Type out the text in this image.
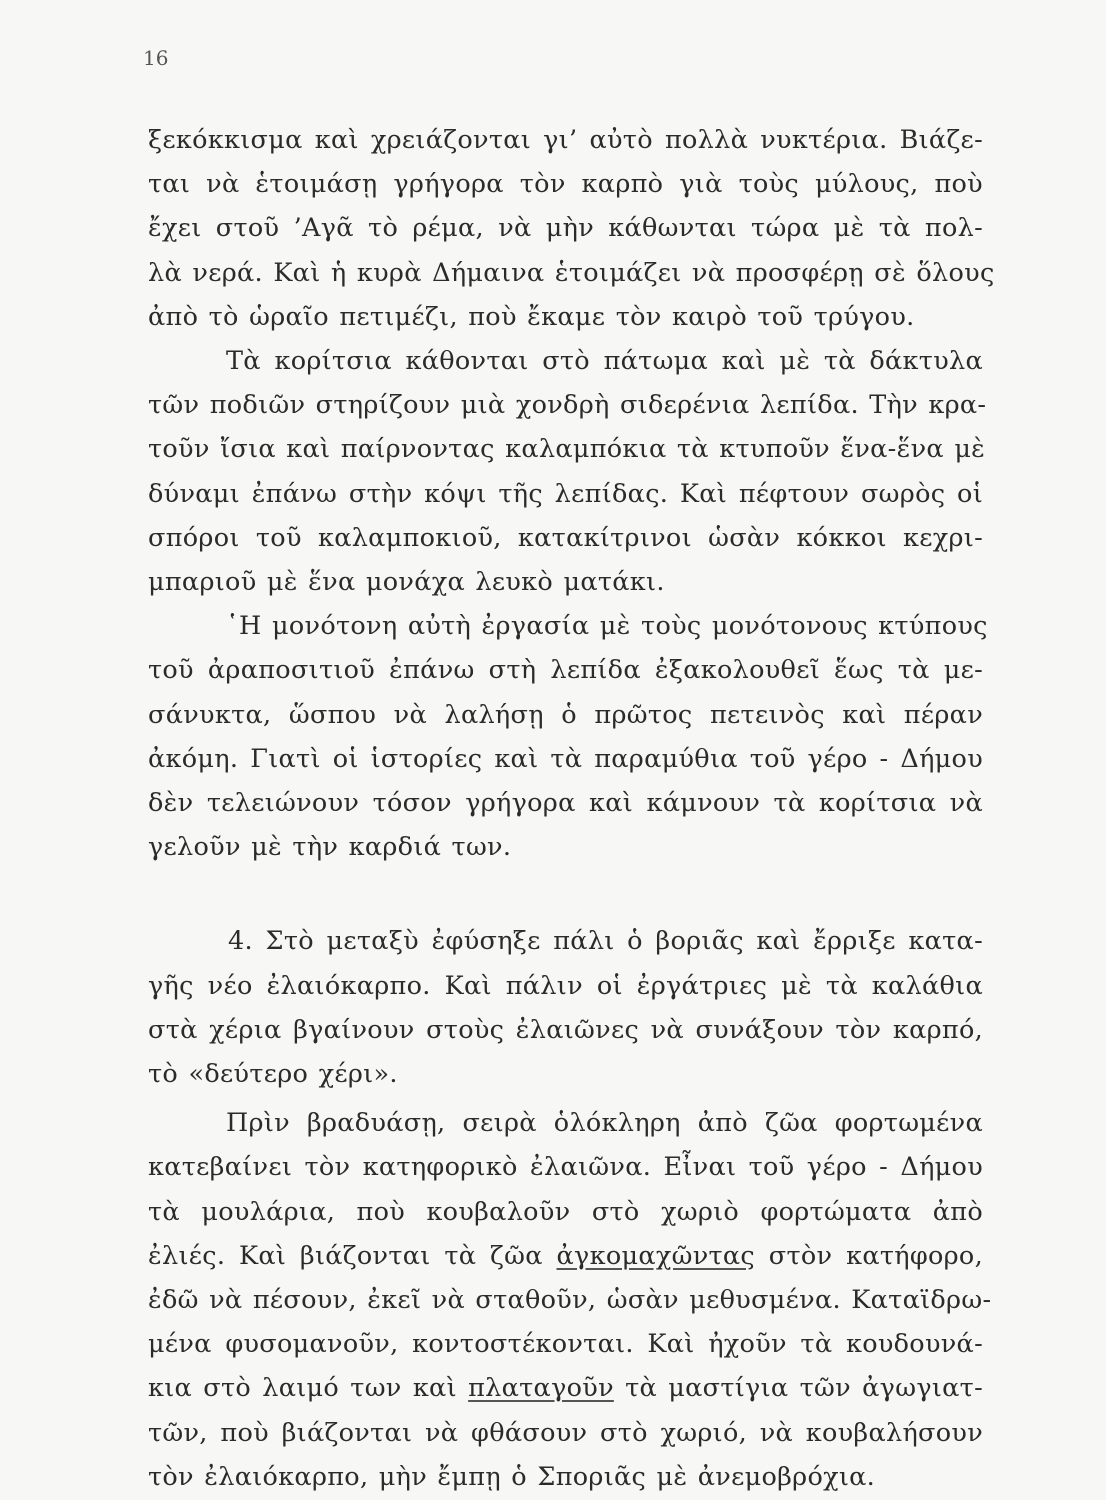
16
ξεκόκκισμα καὶ χρειάζονται γι’ αὐτὸ πολλὰ νυκτέρια. Βιάζε-
ται νὰ ἑτοιμάσῃ γρήγορα τὸν καρπὸ γιὰ τοὺς μύλους, ποὺ
ἔχει στοῦ ’Αγᾶ τὸ ρέμα, νὰ μὴν κάθωνται τώρα μὲ τὰ πολ-
λὰ νερά. Καὶ ἡ κυρὰ Δήμαινα ἑτοιμάζει νὰ προσφέρῃ σὲ ὅλους
ἀπὸ τὸ ὡραῖο πετιμέζι, ποὺ ἔκαμε τὸν καιρὸ τοῦ τρύγου.
Τὰ κορίτσια κάθονται στὸ πάτωμα καὶ μὲ τὰ δάκτυλα
τῶν ποδιῶν στηρίζουν μιὰ χονδρὴ σιδερένια λεπίδα. Τὴν κρα-
τοῦν ἴσια καὶ παίρνοντας καλαμπόκια τὰ κτυποῦν ἕνα-ἕνα μὲ
δύναμι ἐπάνω στὴν κόψι τῆς λεπίδας. Καὶ πέφτουν σωρὸς οἱ
σπόροι τοῦ καλαμποκιοῦ, κατακίτρινοι ὡσὰν κόκκοι κεχρι-
μπαριοῦ μὲ ἕνα μονάχα λευκὸ ματάκι.
῾Η μονότονη αὐτὴ ἐργασία μὲ τοὺς μονότονους κτύπους
τοῦ ἀραποσιτιοῦ ἐπάνω στὴ λεπίδα ἐξακολουθεῖ ἕως τὰ με-
σάνυκτα, ὥσπου νὰ λαλήσῃ ὁ πρῶτος πετεινὸς καὶ πέραν
ἀκόμη. Γιατὶ οἱ ἱστορίες καὶ τὰ παραμύθια τοῦ γέρο - Δήμου
δὲν τελειώνουν τόσον γρήγορα καὶ κάμνουν τὰ κορίτσια νὰ
γελοῦν μὲ τὴν καρδιά των.
4. Στὸ μεταξὺ ἐφύσηξε πάλι ὁ βοριᾶς καὶ ἔρριξε κατα-
γῆς νέο ἐλαιόκαρπο. Καὶ πάλιν οἱ ἐργάτριες μὲ τὰ καλάθια
στὰ χέρια βγαίνουν στοὺς ἐλαιῶνες νὰ συνάξουν τὸν καρπό,
τὸ «δεύτερο χέρι».
Πρὶν βραδυάσῃ, σειρὰ ὁλόκληρη ἀπὸ ζῶα φορτωμένα
κατεβαίνει τὸν κατηφορικὸ ἐλαιῶνα. Εἶναι τοῦ γέρο - Δήμου
τὰ μουλάρια, ποὺ κουβαλοῦν στὸ χωριὸ φορτώματα ἀπὸ
ἐλιές. Καὶ βιάζονται τὰ ζῶα ἀγκομαχῶντας στὸν κατήφορο,
ἐδῶ νὰ πέσουν, ἐκεῖ νὰ σταθοῦν, ὡσὰν μεθυσμένα. Καταϊδρω-
μένα φυσομανοῦν, κοντοστέκονται. Καὶ ἠχοῦν τὰ κουδουνά-
κια στὸ λαιμό των καὶ πλαταγοῦν τὰ μαστίγια τῶν ἀγωγιατ-
τῶν, ποὺ βιάζονται νὰ φθάσουν στὸ χωριό, νὰ κουβαλήσουν
τὸν ἐλαιόκαρπο, μὴν ἔμπῃ ὁ Σποριᾶς μὲ ἀνεμοβρόχια.
